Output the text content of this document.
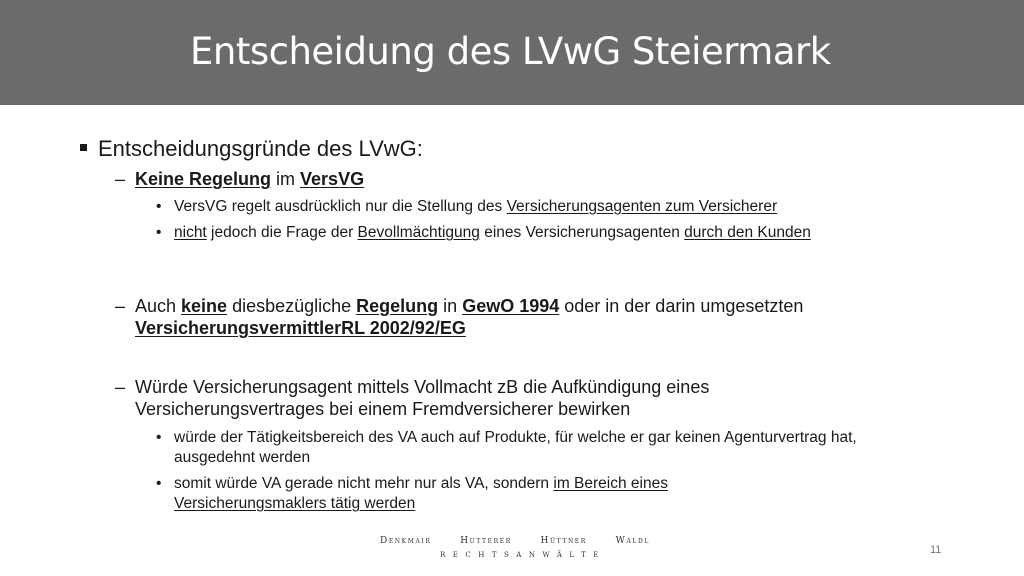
Entscheidung des LVwG Steiermark
Entscheidungsgründe des LVwG:
– Keine Regelung im VersVG
• VersVG regelt ausdrücklich nur die Stellung des Versicherungsagenten zum Versicherer
• nicht jedoch die Frage der Bevollmächtigung eines Versicherungsagenten durch den Kunden
– Auch keine diesbezügliche Regelung in GewO 1994 oder in der darin umgesetzten VersicherungsvermittlerRL 2002/92/EG
– Würde Versicherungsagent mittels Vollmacht zB die Aufkündigung eines Versicherungsvertrages bei einem Fremdversicherer bewirken
• würde der Tätigkeitsbereich des VA auch auf Produkte, für welche er gar keinen Agenturvertrag hat, ausgedehnt werden
• somit würde VA gerade nicht mehr nur als VA, sondern im Bereich eines Versicherungsmaklers tätig werden
Denkmair	Hutterer	Hüttner	Waldl
RECHTSANWÄLTE	11
